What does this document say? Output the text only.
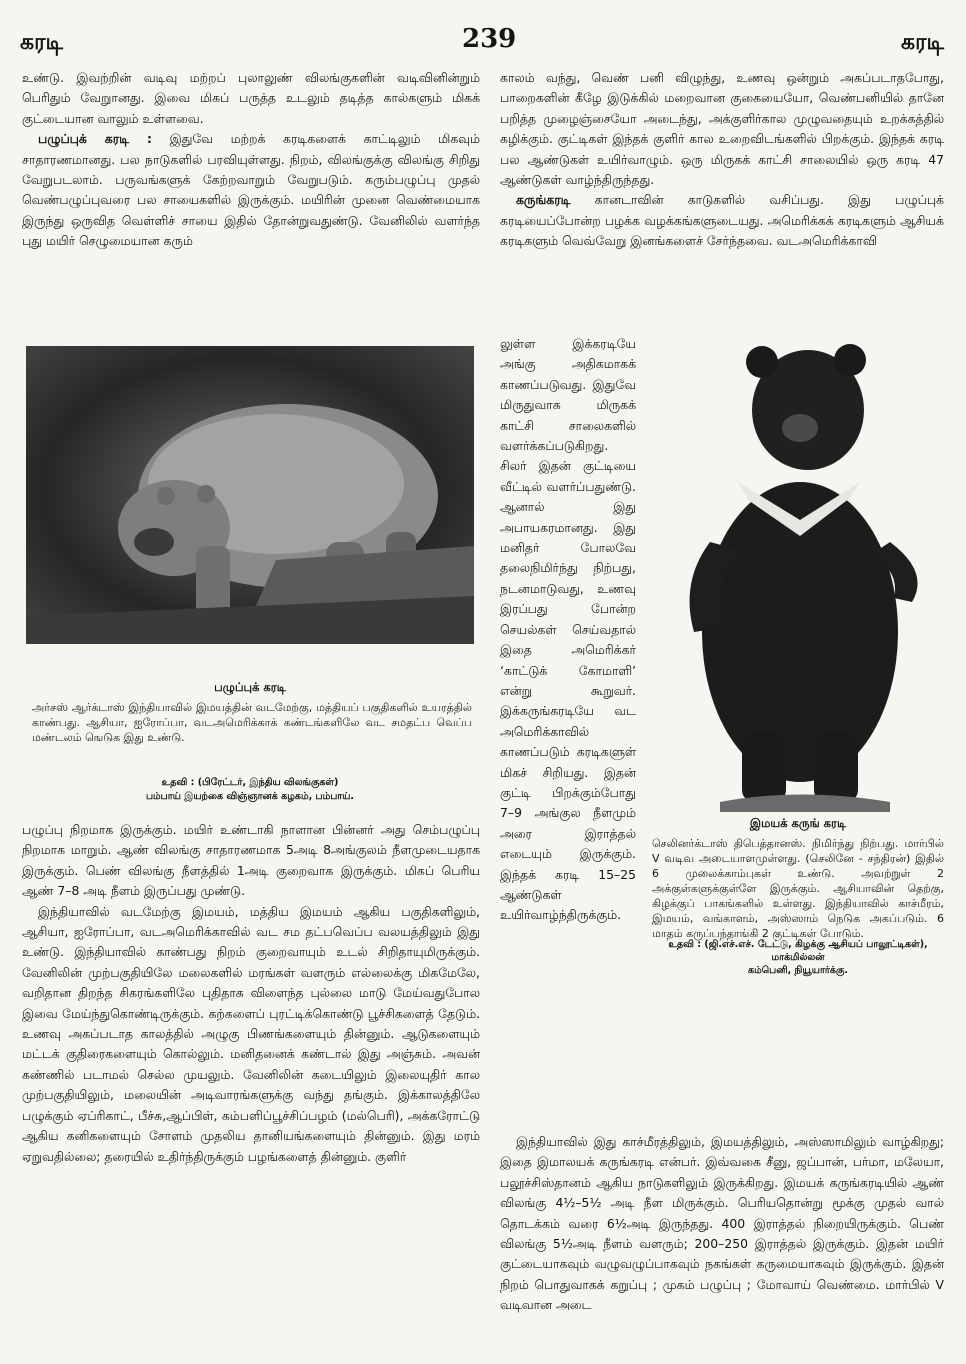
கரடி	239	கரடி

உண்டு. இவற்றின் வடிவு மற்றப் புலாலுண் விலங்குகளின் வடிவினின்றும் பெரிதும் வேறுானது. இவை மிகப் பருத்த உடலும் தடித்த கால்களும் மிகக் குட்டையான வாலும் உள்ளவை.

பழுப்புக் கரடி : இதுவே மற்றக் கரடிகளைக் காட்டிலும் மிகவும் சாதாரணமானது. பல நாடுகளில் பரவியுள்ளது. நிறம், விலங்குக்கு விலங்கு சிறிது வேறுபடலாம். பருவங்களுக் கேற்றவாறும் வேறுபடும். கரும்பழுப்பு முதல் வெண்பழுப்புவரை பல சாயைகளில் இருக்கும். மயிரின் முனை வெண்மையாக இருந்து ஒருவித வெள்ளிச் சாயை இதில் தோன்றுவதுண்டு. வேனிலில் வளர்ந்த புது மயிர் செழுமையான கரும்

பழுப்புக் கரடி
அர்சஸ் ஆர்க்டாஸ் இந்தியாவில் இமயத்தின் வடமேற்கு, மத்தியப் பகுதிகளில் உயரத்தில் காண்பது. ஆசியா, ஐரோப்பா, வடஅமெரிக்காக் கண்டங்களிலே வட சமதட்ப வெப்ப மண்டலம் ஙெடுக இது உண்டு.
உதவி : (பிரேட்டர், இந்திய விலங்குகள்)
பம்பாய் இயற்கை விஞ்ஞானக் கழகம், பம்பாய்.

பழுப்பு நிறமாக இருக்கும். மயிர் உண்டாகி நாளான பின்னர் அது செம்பழுப்பு நிறமாக மாறும். ஆண் விலங்கு சாதாரணமாக 5அடி 8அங்குலம் நீளமுடையதாக இருக்கும். பெண் விலங்கு நீளத்தில் 1அடி குறைவாக இருக்கும். மிகப் பெரிய ஆண் 7–8 அடி நீளம் இருப்பது முண்டு.

இந்தியாவில் வடமேற்கு இமயம், மத்திய இமயம் ஆகிய பகுதிகளிலும், ஆசியா, ஐரோப்பா, வடஅமெரிக்காவில் வட சம தட்பவெப்ப வலயத்திலும் இது உண்டு. இந்தியாவில் காண்பது நிறம் குறைவாயும் உடல் சிறிதாயுமிருக்கும். வேனிலின் முற்பகுதியிலே மலைகளில் மரங்கள் வளரும் எல்லைக்கு மிகமேலே, வறிதான திறந்த சிகரங்களிலே புதிதாக விளைந்த புல்லை மாடு மேய்வதுபோல இவை மேய்ந்துகொண்டிருக்கும். கற்களைப் புரட்டிக்கொண்டு பூச்சிகளைத் தேடும். உணவு அகப்படாத காலத்தில் அழுகு பிணங்களையும் தின்னும். ஆடுகளையும் மட்டக் குதிரைகளையும் கொல்லும். மனிதனைக் கண்டால் இது அஞ்சும். அவன் கண்ணில் படாமல் செல்ல முயலும். வேனிலின் கடையிலும் இலையுதிர் கால முற்பகுதியிலும், மலையின் அடிவாரங்களுக்கு வந்து தங்கும். இக்காலத்திலே பழுக்கும் ஏப்ரிகாட், பீச்சு,ஆப்பிள், கம்பளிப்பூச்சிப்பழம் (மல்பெரி), அக்கரோட்டு ஆகிய கனிகளையும் சோளம் முதலிய தானியங்களையும் தின்னும். இது மரம் ஏறுவதில்லை; தரையில் உதிர்ந்திருக்கும் பழங்களைத் தின்னும். குளிர்

காலம் வந்து, வெண் பனி விழுந்து, உணவு ஒன்றும் அகப்படாதபோது, பாறைகளின் கீழே இடுக்கில் மறைவான குகையையோ, வெண்பனியில் தானே பறித்த முழைஞ்சையோ அடைந்து, அக்குளிர்கால முழுவதையும் உறக்கத்தில் கழிக்கும். குட்டிகள் இந்தக் குளிர் கால உறைவிடங்களில் பிறக்கும். இந்தக் கரடி பல ஆண்டுகள் உயிர்வாழும். ஒரு மிருகக் காட்சி சாலையில் ஒரு கரடி 47 ஆண்டுகள் வாழ்ந்திருந்தது.

கருங்கரடி கானடாவின் காடுகளில் வசிப்பது. இது பழுப்புக் கரடியைப்போன்ற பழக்க வழக்கங்களுடையது. அமெரிக்கக் கரடிகளும் ஆசியக் கரடிகளும் வெவ்வேறு இனங்களைச் சேர்ந்தவை. வடஅமெரிக்காவி

லுள்ள இக்கரடியே அங்கு அதிகமாகக் காணப்படுவது. இதுவே மிருதுவாக மிருகக் காட்சி சாலைகளில் வளர்க்கப்படுகிறது. சிலர் இதன் குட்டியை வீட்டில் வளர்ப்பதுண்டு. ஆனால் இது அபாயகரமானது. இது மனிதர் போலவே தலைநிமிர்ந்து நிற்பது, நடனமாடுவது, உணவு இரப்பது போன்ற செயல்கள் செய்வதால் இதை அமெரிக்கர் ‘காட்டுக் கோமாளி’ என்று கூறுவர். இக்கருங்கரடியே வட அமெரிக்காவில் காணப்படும் கரடிகளுள் மிகச் சிறியது. இதன் குட்டி பிறக்கும்போது 7–9 அங்குல நீளமும் அரை இராத்தல் எடையும் இருக்கும். இந்தக் கரடி 15–25 ஆண்டுகள் உயிர்வாழ்ந்திருக்கும்.

இமயக் கருங் கரடி
செலினர்க்டாஸ் திபெத்தானஸ். நிமிர்ந்து நிற்பது. மார்பில் V வடிவ அடையாளமுள்ளது. (செலினே - சந்திரன்) இதில் 6 முலைக்காம்புகள் உண்டு. அவற்றுள் 2 அக்குள்களுக்குள்ளே இருக்கும். ஆசியாவின் தெற்கு, கிழக்குப் பாகங்களில் உள்ளது. இந்தியாவில் காச்மீரம், இமயம், வங்காளம், அஸ்ஸாம் நெடுக அகப்படும். 6 மாதம் கருப்பந்தாங்கி 2 குட்டிகள் போடும்.
உதவி : (ஜி.எச்.எச். டேட்டு, கிழக்கு ஆசியப் பாலூட்டிகள்), மாக்மில்லன்
கம்பெனி, நியூயார்க்கு.

இந்தியாவில் இது காச்மீரத்திலும், இமயத்திலும், அஸ்ஸாமிலும் வாழ்கிறது; இதை இமாலயக் கருங்கரடி என்பர். இவ்வகை சீனு, ஜப்பான், பர்மா, மலேயா, பலூச்சிஸ்தானம் ஆகிய நாடுகளிலும் இருக்கிறது. இமயக் கருங்கரடியில் ஆண் விலங்கு 4½–5½ அடி நீள மிருக்கும். பெரியதொன்று மூக்கு முதல் வால் தொடக்கம் வரை 6½அடி இருந்தது. 400 இராத்தல் நிறையிருக்கும். பெண் விலங்கு 5½அடி நீளம் வளரும்; 200–250 இராத்தல் இருக்கும். இதன் மயிர் குட்டையாகவும் வழுவழுப்பாகவும் நகங்கள் கருமையாகவும் இருக்கும். இதன் நிறம் பொதுவாகக் கறுப்பு ; முகம் பழுப்பு ; மோவாய் வெண்மை. மார்பில் V வடிவான அடை
